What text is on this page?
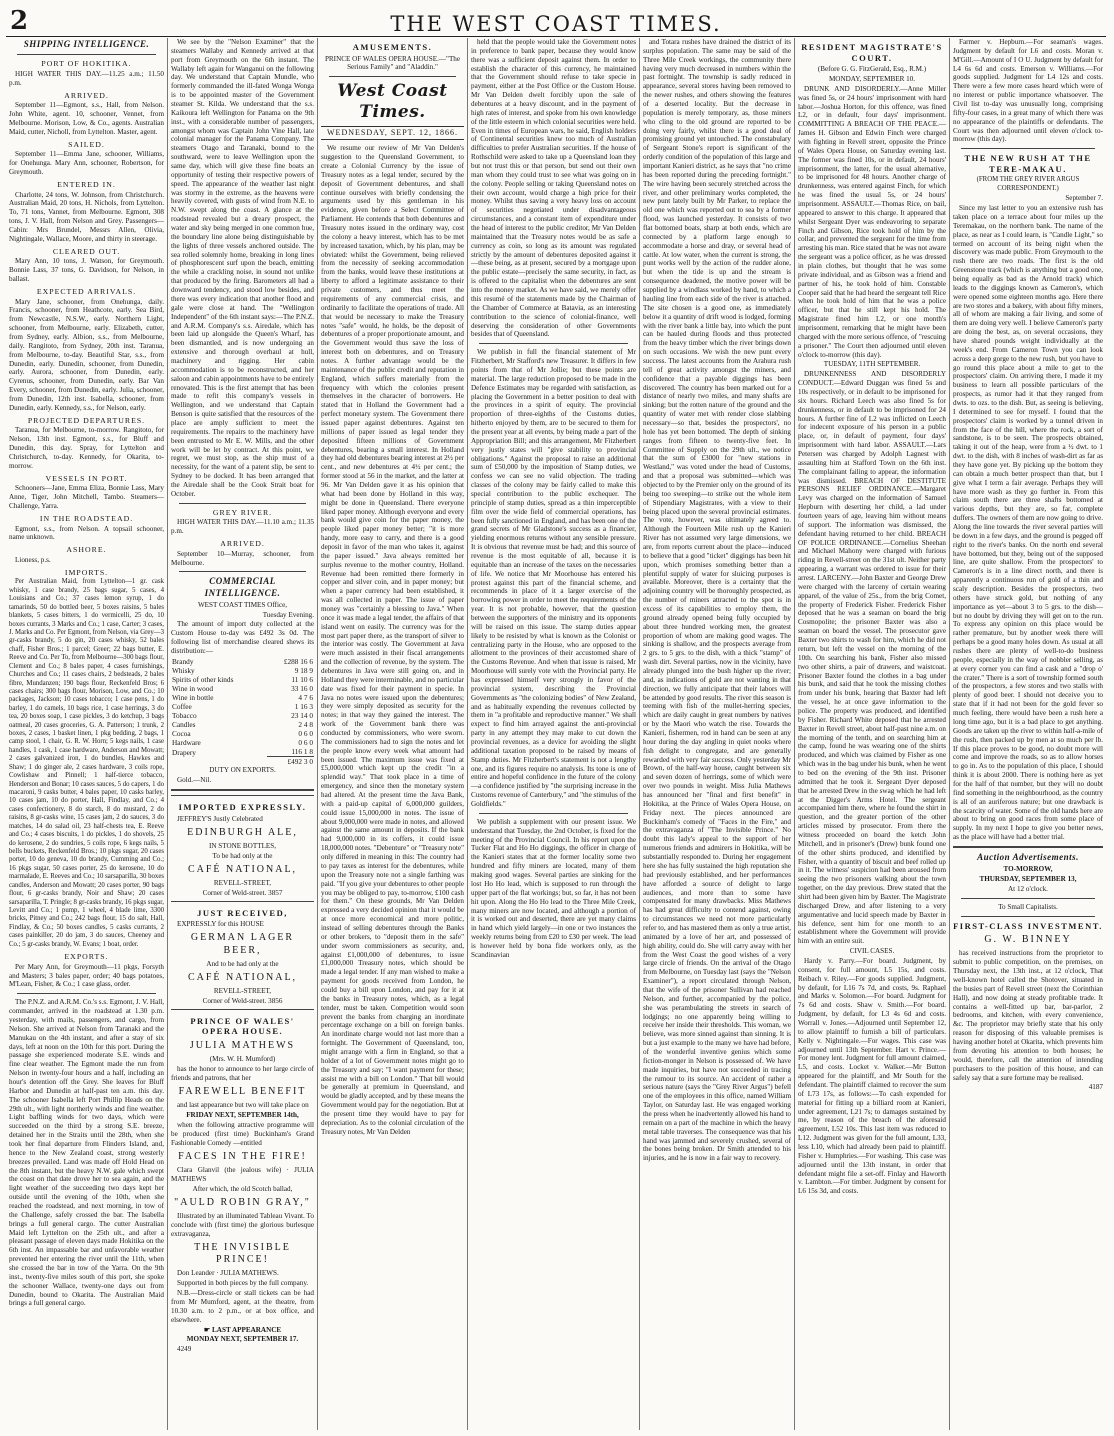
2	THE WEST COAST TIMES.
SHIPPING INTELLIGENCE.
PORT OF HOKITIKA.

HIGH WATER THIS DAY.—11.25 a.m.; 11.50 p.m.

ARRIVED.

September 11—Egmont, s.s., Hall, from Nelson. John White, agent. 10, schooner, Vennet, from Melbourne. Morison, Low, & Co., agents. Australian Maid, cutter, Nicholl, from Lyttelton. Master, agent.

SAILED.

September 11—Emma Jane, schooner, Williams, for Onehunga. Mary Ann, schooner, Robertson, for Greymouth.

ENTERED IN.

Charlotte, 24 tons, W. Johnson, from Christchurch. Australian Maid, 20 tons, H. Nichols, from Lyttelton. To, 71 tons, Vannet, from Melbourne. Egmont, 308 tons, J. V. Hall, from Nelson and Grey. Passengers—Cabin: Mrs Brundel, Messrs Allen, Olivia, Nightingale, Wallace, Moore, and thirty in steerage.

CLEARED OUT.

Mary Ann, 10 tons, J. Watson, for Greymouth. Bonnie Lass, 37 tons, G. Davidson, for Nelson, in ballast.

EXPECTED ARRIVALS.

Mary Jane, schooner, from Onehunga, daily. Francis, schooner, from Heathcote, early. Sea Bird, from Newcastle, N.S.W., early. Northern Light, schooner, from Melbourne, early. Elizabeth, cutter, from Sydney, early. Albion, s.s., from Melbourne, daily. Rangitoto, from Sydney, 20th inst. Taranua, from Melbourne, to-day. Beautiful Star, s.s., from Dunedin, early. Dunedin, schooner, from Dunedin, early. Aurora, schooner, from Dunedin, early. Cyrenus, schooner, from Dunedin, early. Bar Van Every, schooner, from Dunedin, early. Julia, schooner, from Dunedin, 12th inst. Isabella, schooner, from Dunedin, early. Kennedy, s.s., for Nelson, early.

PROJECTED DEPARTURES.

Taranua, for Melbourne, to-morrow. Rangitoto, for Nelson, 13th inst. Egmont, s.s., for Bluff and Dunedin, this day. Spray, for Lyttelton and Christchurch, to-day. Kennedy, for Okarita, to-morrow.

VESSELS IN PORT.

Schooners—Jane, Emma Eliza, Bonnie Lass, Mary Anne, Tiger, John Mitchell, Tambo. Steamers—Challenge, Yarra.

IN THE ROADSTEAD.

Egmont, s.s., from Nelson. A topsail schooner, name unknown.

ASHORE.

Lioness, p.s.

IMPORTS.

Per Australian Maid, from Lyttelton—1 gr. cask whisky, 1 case brandy, 25 bags sugar, 5 cases, 4 Louisians and Co.; 37 cases lemon syrup, 1 do tamarinds, 50 do bottled beer, 5 boxes raisins, 5 bales blankets, 5 cases bitters, 1 do vermicelli, 25 do, 10 boxes currants, 3 Marks and Co.; 1 case, Carter; 3 cases, J. Marks and Co. Per Egmont, from Nelson, via Grey—3 gr-casks brandy, 5 do gin, 20 cases whisky, 52 bales chaff, Fisher Bros.; 1 parcel; Greer; 22 bags butter, E. Reeve and Co. Per To, from Melbourne—300 bags flour, Clement and Co.; 8 bales paper, 4 cases furnishings, Churches and Co.; 11 cases chairs, 2 bedsteads, 2 bales fibre, Mundanzen; 190 bags flour, Reckenfeld Bros; 6 cases chairs; 300 bags flour, Morison, Low, and Co.; 10 packages, Jackson; 10 cases tobacco; 1 case pens, 1 do barley, 1 do camels, 10 bags rice, 1 case herrings, 3 do tea, 20 boxes soap, 1 case pickles, 3 do ketchup, 3 bags oatmeal, 20 cases groceries, G. A. Patterson; 1 trunk, 2 boxes, 2 cases, 1 basket linen, 1 pkg bedding, 2 bags, 1 camp stool, 1 chair, G. R. W. Horn; 5 kegs nails, 1 case handles, 1 cask, 1 case hardware, Anderson and Mowatt; 2 cases galvanized iron, 1 do bundles, Hawkes and Shaw; 1 do ginger ale, 2 cases hardware, 3 coils rope, Cowlishaw and Pinnell; 1 half-tierce tobacco, Henderson and Bonar; 10 cases sauces, 5 do capers, 1 do macaroni, 9 casks butter, 4 bales paper, 10 casks barley, 10 cases jam, 10 do porter, Hall, Findlay, and Co.; 4 cases confectionery, 8 do starch, 8 do mustard, 2 do raisins, 8 gr-casks wine, 15 cases jam, 2 do sauces, 3 do matches, 14 do salad oil, 23 half-chests tea, E. Reeve and Co.; 4 cases biscuits, 1 do pickles, 1 do shovels, 25 do kerosene, 2 do sundries, 5 coils rope, 6 kegs nails, 5 bells buckets, Reckenfeld Bros.; 10 pkgs sugar, 20 cases porter, 10 do geneva, 10 do brandy, Cumming and Co.; 16 pkgs sugar, 50 cases porter, 25 do kerosene, 10 do marmalade, E. Reeves and Co.; 10 sarsaparilla, 30 boxes candles, Anderson and Mowatt; 20 cases porter, 90 bags flour, 6 gr-casks brandy, Noir and Shaw; 20 cases sarsaparilla, T. Pringle; 8 gr-casks brandy, 16 pkgs sugar, Levitt and Co.; 1 pump, 1 wheel, 4 blade lime, 3300 bricks, Pitney and Co.; 242 bags flour, 15 do salt, Hall, Findlay, & Co.; 50 boxes candles, 5 casks currants, 2 cases painkiller, 20 do jam, 3 do sauces, Cheeney and Co.; 5 gr-casks brandy, W. Evans; 1 boat, order.

EXPORTS.

Per Mary Ann, for Greymouth—11 pkgs, Forsyth and Masters; 3 bales paper, order; 40 bags potatoes, M'Lean, Fisher, & Co.; 1 case glass, order.

The P.N.Z. and A.R.M. Co.'s s.s. Egmont, J. V. Hall, commander, arrived in the roadstead at 1.30 p.m. yesterday, with mails, passengers, and cargo, from Nelson. She arrived at Nelson from Taranaki and the Manukau on the 4th instant, and after a stay of six days, left at noon on the 10th for this port. During the passage she experienced moderate S.E. winds and fine clear weather. The Egmont made the run from Nelson in twenty-four hours and a half, including an hour's detention off the Grey. She leaves for Bluff Harbor and Dunedin at half-past ten a.m. this day. The schooner Isabella left Port Phillip Heads on the 29th ult., with light northerly winds and fine weather. Light baffling winds for two days, which were succeeded on the third by a strong S.E. breeze, detained her in the Straits until the 28th, when she took her final departure from Flinders Island, and, hence to the New Zealand coast, strong westerly breezes prevailed. Land was made off Hold Head on the 8th instant, but the heavy N.W. gale which swept the coast on that date drove her to sea again, and the light weather of the succeeding two days kept her outside until the evening of the 10th, when she reached the roadstead, and next morning, in tow of the Challenge, safely crossed the bar. The Isabella brings a full general cargo. The cutter Australian Maid left Lyttelton on the 25th ult., and after a pleasant passage of eleven days made Hokitika on the 6th inst. An impassable bar and unfavorable weather prevented her entering the river until the 11th, when she crossed the bar in tow of the Yarra. On the 9th inst., twenty-five miles south of this port, she spoke the schooner Wallace, twenty-one days out from Dunedin, bound to Okarita. The Australian Maid brings a full general cargo.

We see by the "Nelson Examiner" that the steamers Wallaby and Kennedy arrived at that port from Greymouth on the 6th instant. The Wallaby left again for Wanganui on the following day. We understand that Captain Mundle, who formerly commanded the ill-fated Wonga Wonga is to be appointed master of the Government steamer St. Kilda. We understand that the s.s. Kaikoura left Wellington for Panama on the 9th inst., with a considerable number of passengers, amongst whom was Captain John Vine Hall, late colonial manager for the Panama Company. The steamers Otago and Taranaki, bound to the southward, were to leave Wellington upon the same day, which will give these fine boats an opportunity of testing their respective powers of speed. The appearance of the weather last night was stormy in the extreme, as the heavens were heavily covered, with gusts of wind from N.E. to N.W. swept along the coast. A glance at the roadstead revealed but a dreary prospect, the water and sky being merged in one common hue, the boundary line alone being distinguishable by the lights of three vessels anchored outside. The sea rolled solemnly home, breaking in long lines of phosphorescent surf upon the beach, emitting the while a crackling noise, in sound not unlike that produced by the firing. Barometers all had a downward tendency, and stood low besides, and there was every indication that another flood and gale were close at hand. The "Wellington Independent" of the 6th instant says:—The P.N.Z. and A.R.M. Company's s.s. Airedale, which has been laid up alongside the Queen's Wharf, has been dismantled, and is now undergoing an extensive and thorough overhaul at hull, machinery and rigging. Her cabin accommodation is to be reconstructed, and her saloon and cabin appointments have to be entirely renovated. This is the first attempt that has been made to refit this company's vessels in Wellington, and we understand that Captain Benson is quite satisfied that the resources of the place are amply sufficient to meet the requirements. The repairs to the machinery have been entrusted to Mr E. W. Mills, and the other work will be let by contract. At this point, we regret, we must stop, as the ship must of a necessity, for the want of a patent slip, be sent to Sydney to be docked. It has been arranged that the Airedale shall be the Cook Strait boat for October.

GREY RIVER.

HIGH WATER THIS DAY.—11.10 a.m.; 11.35 p.m.

ARRIVED.

September 10—Murray, schooner, from Melbourne.

COMMERCIAL INTELLIGENCE.

WEST COAST TIMES Office,

Tuesday Evening.

The amount of import duty collected at the Custom House to-day was £492 3s 0d. The following list of merchandise cleared shews its distribution:—

Brandy	£288 16 6
Whisky	9 18 9
Spirits of other kinds	11 10 6
Wine in wood	33 16 0
Wine in bottle	4 7 6
Coffee	1 16 3
Tobacco	23 14 0
Candles	2 4 8
Cocoa	0 6 0
Hardware	0 6 0
Drapery	116 1 8
	£492 3 0

DUTY ON EXPORTS.

Gold.—Nil.

IMPORTED EXPRESSLY.

JEFFREY'S Justly Celebrated

EDINBURGH ALE,

IN STONE BOTTLES,

To be had only at the

CAFÉ NATIONAL,

REVELL-STREET,

Corner of Weld-street. 3857

JUST RECEIVED,

EXPRESSLY for this HOUSE

GERMAN LAGER BEER,

And to be had only at the

CAFÉ NATIONAL,

REVELL-STREET,

Corner of Weld-street. 3856

PRINCE OF WALES' OPERA HOUSE.
JULIA MATHEWS

(Mrs. W. H. Mumford)

has the honor to announce to her large circle of friends and patrons, that her

FAREWELL BENEFIT

and last appearance but two will take place on

FRIDAY NEXT, SEPTEMBER 14th,

when the following attractive programme will be produced (first time) Buckinham's Grand Fashionable Comedy —entitled

FACES IN THE FIRE!

Clara Glanvil (the jealous wife) · JULIA MATHEWS

After which, the old Scotch ballad,

"AULD ROBIN GRAY,"

Illustrated by an illuminated Tableau Vivant. To conclude with (first time) the glorious burlesque extravaganza,

THE INVISIBLE PRINCE!

Don Leander · JULIA MATHEWS.

Supported in both pieces by the full company.

N.B.—Dress-circle or stall tickets can be had from Mr Mumford, agent, at the theatre, from 10.30 a.m. to 2 p.m., or at box office, and elsewhere.

☛ LAST APPEARANCE

MONDAY NEXT, SEPTEMBER 17.

4249

AMUSEMENTS.

PRINCE OF WALES OPERA HOUSE.—"The Serious Family" and "Aladdin."

West Coast Times.
WEDNESDAY, SEPT. 12, 1866.

We resume our review of Mr Van Delden's suggestion to the Queensland Government, to create a Colonial Currency by the issue of Treasury notes as a legal tender, secured by the deposit of Government debentures, and shall continue ourselves with briefly condensing the arguments used by this gentleman in his evidence, given before a Select Committee of Parliament. He contends that both debentures and Treasury notes issued in the ordinary way, cost the colony a heavy interest, which has to be met by increased taxation, which, by his plan, may be obviated: whilst the Government, being relieved from the necessity of seeking accommodation from the banks, would leave these institutions at liberty to afford a legitimate assistance to their private customers, and thus meet the requirements of any commercial crisis, and ordinarily to facilitate the operations of trade. All that would be necessary to make the Treasury notes "safe" would, he holds, be the deposit of debentures of a proper proportionate amount, and the Government would thus save the loss of interest both on debentures, and on Treasury notes. A further advantage would be the maintenance of the public credit and reputation in England, which suffers materially from the frequency with which the colonies present themselves in the character of borrowers. He stated that in Holland the Government had a perfect monetary system. The Government there issued paper against debentures. Against ten millions of paper issued as legal tender they deposited fifteen millions of Government debentures, bearing a small interest. In Holland they had old debentures bearing interest at 2½ per cent., and new debentures at 4½ per cent.; the former stood at 56 in the market, and the latter at 96. Mr Van Delden gave it as his opinion that what had been done by Holland in this way, might be done in Queensland. There everyone liked paper money. Although everyone and every bank would give coin for the paper money, the people liked paper money better; "it is more handy, more easy to carry, and there is a good deposit in favor of the man who takes it, against the paper issued." Java always remitted her surplus revenue to the mother country, Holland. Revenue had been remitted there formerly in copper and silver coin, and in paper money; but when a paper currency had been established, it was all collected in paper. The issue of paper money was "certainly a blessing to Java." When once it was made a legal tender, the affairs of that island went on easily. The currency was for the most part paper there, as the transport of silver to the interior was costly. The Government at Java were much assisted in their fiscal arrangements and the collection of revenue, by the system. The debentures in Java were still going on, and in Holland they were interminable, and no particular date was fixed for their payment in specie. In Java no notes were issued upon the debentures; they were simply deposited as security for the notes; in that way they gained the interest. The work of the Government bank there was conducted by commissioners, who were sworn. The commissioners had to sign the notes and let the people know every week what amount had been issued. The maximum issue was fixed at £5,000,000 which kept up the credit "in a splendid way." That took place in a time of emergency, and since then the monetary system had altered. At the present time the Java Bank, with a paid-up capital of 6,000,000 guilders, could issue 15,000,000 in notes. The issue of about 9,000,000 were made in notes, and allowed against the same amount in deposits. If the bank had 9,000,000 in its coffers, it could issue 18,000,000 notes. "Debenture" or "Treasury note" only differed in meaning in this: The country had to pay taxes as interest for the debentures, while upon the Treasury note not a single farthing was paid. "If you give your debentures to other people you may be obliged to pay, to-morrow, £100 cash for them." On these grounds, Mr Van Delden expressed a very decided opinion that it would be at once more economical and more politic, instead of selling debentures through the Banks or other brokers, to "deposit them in the safe" under sworn commissioners as security, and, against £1,000,000 of debentures, to issue £1,000,000 Treasury notes, which should be made a legal tender. If any man wished to make a payment for goods received from London, he could buy a bill upon London, and pay for it at the banks in Treasury notes, which, as a legal tender, must be taken. Competition would soon prevent the banks from charging an inordinate percentage exchange on a bill on foreign banks. An inordinate charge would not last more than a fortnight. The Government of Queensland, too, might arrange with a firm in England, so that a holder of a lot of Government notes might go to the Treasury and say; "I want payment for these; assist me with a bill on London." That bill would be generally at premium in Queensland, and would be gladly accepted, and by these means the Government would pay for the negotiation. But at the present time they would have to pay for depreciation. As to the colonial circulation of the Treasury notes, Mr Van Delden

held that the people would take the Government notes in preference to bank paper, because they would know there was a sufficient deposit against them. In order to establish the character of this currency, he maintained that the Government should refuse to take specie in payment, either at the Post Office or the Custom House. Mr Van Delden dwelt forcibly upon the sale of debentures at a heavy discount, and in the payment of high rates of interest, and spoke from his own knowledge of the little esteem in which colonial securities were held. Even in times of European wars, he said, English holders of Continental securities knew too much of Australian difficulties to prefer Australian securities. If the house of Rothschild were asked to take up a Queensland loan they but not trust this or that person, but send out their own man whom they could trust to see what was going on in the colony. People selling or taking Queensland notes on their own account, would charge a high price for their money. Whilst thus saving a very heavy loss on account of securities negotiated under disadvantageous circumstances, and a constant item of expenditure under the head of interest to the public creditor, Mr Van Delden maintained that the Treasury notes would be as safe a currency as coin, so long as its amount was regulated strictly by the amount of debentures deposited against it—these being, as at present, secured by a mortgage upon the public estate—precisely the same security, in fact, as is offered to the capitalist when the debentures are sent into the money market. As we have said, we merely offer this resumé of the statements made by the Chairman of the Chamber of Commerce at Batavia, as an interesting contribution to the science of colonial-finance, well deserving the consideration of other Governments besides that of Queensland.

We publish in full the financial statement of Mr Fitzherbert, Mr Stafford's new Treasurer. It differs in few points from that of Mr Jollie; but these points are material. The large reduction proposed to be made in the Defence Estimates may be regarded with satisfaction, as placing the Government in a better position to deal with the provinces in a spirit of equity. The provincial proportion of three-eighths of the Customs duties, hitherto enjoyed by them, are to be secured to them for the present year at all events, by being made a part of the Appropriation Bill; and this arrangement, Mr Fitzherbert very justly states will "give stability to provincial obligations." Against the proposal to raise an additional sum of £50,000 by the imposition of Stamp duties, we confess we can see no valid objection. The trading classes of the colony may be fairly called to make this special contribution to the public exchequer. The principle of stamp duties, spread as a thin imperceptible film over the wide field of commercial operations, has been fully sanctioned in England, and has been one of the grand secrets of Mr Gladstone's success as a financier, yielding enormous returns without any sensible pressure. It is obvious that revenue must be had; and this source of revenue is the most equitable of all, because it is equitable than an increase of the taxes on the necessaries of life. We notice that Mr Moorhouse has entered his protest against this part of the financial scheme, and recommends in place of it a larger exercise of the borrowing power in order to meet the requirements of the year. It is not probable, however, that the question between the supporters of the ministry and its opponents will be raised on this issue. The stamp duties appear likely to be resisted by what is known as the Colonist or centralizing party in the House, who are opposed to the allotment to the provinces of their accustomed share of the Customs Revenue. And when that issue is raised, Mr Moorhouse will surely vote with the Provincial party. He has expressed himself very strongly in favor of the provincial system, describing the Provincial Governments as "the colonizing bodies" of New Zealand, and as habitually expending the revenues collected by them in "a profitable and reproductive manner." We shall expect to find him arrayed against the anti-provincial party in any attempt they may make to cut down the provincial revenues, as a device for avoiding the slight additional taxation proposed to be raised by means of Stamp duties. Mr Fitzherbert's statement is not a lengthy one, and its figures require no analysis. Its tone is one of entire and hopeful confidence in the future of the colony—a confidence justified by "the surprising increase in the Customs revenue of Canterbury," and "the stimulus of the Goldfields."

We publish a supplement with our present issue. We understand that Tuesday, the 2nd October, is fixed for the meeting of the Provincial Council. In his report upon the Tucker Flat and Ho Ho diggings, the officer in charge of the Kanieri states that at the former locality some two hundred and fifty miners are located, many of them making good wages. Several parties are sinking for the lost Ho Ho lead, which is supposed to run through the upper part of the flat workings; but, so far, it has not been hit upon. Along the Ho Ho lead to the Three Mile Creek, many miners are now located, and although a portion of it is worked out and deserted, there are yet many claims in hand which yield largely—in one or two instances the weekly returns being from £20 to £30 per week. The lead is however held by bona fide workers only, as the Scandinavian

and Totara rushes have drained the district of its surplus population. The same may be said of the Three Mile Creek workings, the community there having very much decreased in numbers within the past fortnight. The township is sadly reduced in appearance, several stores having been removed to the newer rushes, and others showing the features of a deserted locality. But the decrease in population is merely temporary, as, those miners who cling to the old ground are reported to be doing very fairly, whilst there is a good deal of promising ground yet untouched. The constabulary of Sergeant Stone's report is significant of the orderly condition of the population of this large and important Kanieri district, as he says that "no crime has been reported during the preceding fortnight." The wire having been securely stretched across the river, and other preliminary works completed, the new punt lately built by Mr Parker, to replace the old one which was reported out to sea by a former flood, was launched yesterday. It consists of two flat bottomed boats, sharp at both ends, which are connected by a platform large enough to accommodate a horse and dray, or several head of cattle. At low water, when the current is strong, the punt works well by the action of the rudder alone, but when the tide is up and the stream is consequence deadened, the motive power will be supplied by a windlass worked by hand, to which a hauling line from each side of the river is attached. The site chosen is a good one, as immediately below it a quantity of drift wood is lodged, forming with the river bank a little bay, into which the punt can be hauled during floods and thus protected from the heavy timber which the river brings down on such occasions. We wish the new punt every success. The latest accounts from the Arahura rush tell of great activity amongst the miners, and confidence that a payable diggings has been discovered. The country has been marked out for a distance of nearly two miles, and many shafts are sinking; but the rotten nature of the ground and the quantity of water met with render close slabbing necessary—so that, besides the prospectors', no hole has yet been bottomed. The depth of sinking ranges from fifteen to twenty-five feet. In Committee of Supply on the 29th ult., we notice that the sum of £3000 for "new stations in Westland," was voted under the head of Customs, and that a proposal was submitted—which was objected to by the Premier only on the ground of its being too sweeping—to strike out the whole item of Stipendiary Magistrates, with a view to their being placed upon the several provincial estimates. The vote, however, was ultimately agreed to. Although the Fourteen Mile rush up the Kanieri River has not assumed very large dimensions, we are, from reports current about the place—induced to believe that a good "ticket" diggings has been hit upon, which promises something better than a plentiful supply of water for sluicing purposes is available. Moreover, there is a certainty that the adjoining country will be thoroughly prospected, as the number of miners attracted to the spot is in excess of its capabilities to employ them, the ground already opened being fully occupied by about three hundred working men, the greatest proportion of whom are making good wages. The sinking is shallow, and the prospects average from 2 grs. to 5 grs. to the dish, with a thick "stamp" of wash dirt. Several parties, now in the vicinity, have already plunged into the bush higher up the river; and, as indications of gold are not wanting in that direction, we fully anticipate that their labors will be attended by good results. The river this season is teeming with fish of the mullet-herring species, which are daily caught in great numbers by natives or by the Maori who watch the rise. Towards the Kanieri, fishermen, rod in hand can be seen at any hour during the day angling in quiet nooks where fish delight to congregate, and are generally rewarded with very fair success. Only yesterday Mr Brown, of the half-way house, caught between six and seven dozen of herrings, some of which were over two pounds in weight. Miss Julia Mathews has announced her "final and first benefit" in Hokitika, at the Prince of Wales Opera House, on Friday next. The pieces announced are Buckinham's comedy of "Faces in the Fire," and the extravaganza of "The Invisible Prince." No doubt this lady's appeal to the support of her numerous friends and admirers in Hokitika, will be substantially responded to. During her engagement here she has fully sustained the high reputation she had previously established, and her performances have afforded a source of delight to large audiences, and more than to some have compensated for many drawbacks. Miss Mathews has had great difficulty to contend against, owing to circumstances we need not more particularly refer to, and has mastered them as only a true artist, animated by a love of her art, and possessed of high ability, could do. She will carry away with her from the West Coast the good wishes of a very large circle of friends. On the arrival of the Otago from Melbourne, on Tuesday last (says the "Nelson Examiner"), a report circulated through Nelson, that the wife of the prisoner Sullivan had reached Nelson, and further, accompanied by the police, she was perambulating the streets in search of lodgings; no one apparently being willing to receive her inside their thresholds. This woman, we believe, was more sinned against than sinning. It is but a just example to the many we have had before, of the wonderful inventive genius which some fiction-monger in Nelson is possessed of. We have made inquiries, but have not succeeded in tracing the rumour to its source. An accident of rather a serious nature (says the "Grey River Argus") befell one of the employees in this office, named William Taylor, on Saturday last. He was engaged working the press when he inadvertently allowed his hand to remain on a part of the machine in which the heavy metal table traverses. The consequence was that his hand was jammed and severely crushed, several of the bones being broken. Dr Smith attended to his injuries, and he is now in a fair way to recovery.

RESIDENT MAGISTRATE'S COURT.

(Before G. G. FitzGerald, Esq., R.M.)

MONDAY, SEPTEMBER 10.

DRUNK AND DISORDERLY.—Anne Miller was fined 5s, or 24 hours' imprisonment with hard labor.—Joshua Horton, for this offence, was fined L2, or in default, four days' imprisonment. COMMITTING A BREACH OF THE PEACE.—James H. Gibson and Edwin Finch were charged with fighting in Revell street, opposite the Prince of Wales Opera House, on Saturday evening last. The former was fined 10s, or in default, 24 hours' imprisonment, the latter, for the usual alternative, to be imprisoned for 48 hours. Another charge of drunkenness, was entered against Finch, for which he was fined the usual 5s, or 24 hours' imprisonment. ASSAULT.—Thomas Rice, on bail, appeared to answer to this charge. It appeared that whilst Sergeant Dyer was endeavoring to separate Finch and Gibson, Rice took hold of him by the collar, and prevented the sergeant for the time from arresting his man. Rice stated that he was not aware the sergeant was a police officer, as he was dressed in plain clothes, but thought that he was some private individual, and as Gibson was a friend and partner of his, he took hold of him. Constable Cooper said that he had heard the sergeant tell Rice when he took hold of him that he was a police officer, but that he still kept his hold. The Magistrate fined him L2, or one month's imprisonment, remarking that he might have been charged with the more serious offence, of "rescuing a prisoner." The Court then adjourned until eleven o'clock to-morrow (this day).

TUESDAY, 11TH SEPTEMBER.

DRUNKENNESS AND DISORDERLY CONDUCT.—Edward Duggan was fined 5s and 10s respectively, or in default to be imprisoned for six hours. Richard Leech was also fined 5s for drunkenness, or in default to be imprisoned for 24 hours. A further fine of L2 was inflicted on Leech for indecent exposure of his person in a public place, or, in default of payment, four days' imprisonment with hard labor. ASSAULT.—Lars Petersen was charged by Adolph Lagnest with assaulting him at Stafford Town on the 6th inst. The complainant failing to appear, the information was dismissed. BREACH OF DESTITUTE PERSONS RELIEF ORDINANCE.—Margaret Levy was charged on the information of Samuel Hepburn with deserting her child, a lad under fourteen years of age, leaving him without means of support. The information was dismissed, the defendant having returned to her child. BREACH OF POLICE ORDINANCE.—Cornelius Sheehan and Michael Mahony were charged with furious riding in Revell-street on the 31st ult. Neither party appearing, a warrant was ordered to issue for their arrest. LARCENY.—John Baxter and George Drew were charged with the larceny of certain wearing apparel, of the value of 25s., from the brig Comet, the property of Frederick Fisher. Frederick Fisher deposed that he was a seaman on board the brig Cosmopolite; the prisoner Baxter was also a seaman on board the vessel. The prosecutor gave Baxter two shirts to wash for him, which he did not return, but left the vessel on the morning of the 10th. On searching his bank, Fisher also missed two other shirts, a pair of drawers, and waistcoat. Prisoner Baxter found the clothes in a bag under his bunk, and said that he took the missing clothes from under his bunk, hearing that Baxter had left the vessel, he at once gave information to the police. The property was produced, and identified by Fisher. Richard White deposed that he arrested Baxter in Revell street, about half-past nine a.m. on the morning of the tenth, and on searching him at the camp, found he was wearing one of the shirts produced, and which was claimed by Fisher as one which was in the bag under his bunk, when he went to bed on the evening of the 9th inst. Prisoner admitted that he took it. Sergeant Dyer deposed that he arrested Drew in the swag which he had left at the Digger's Arms Hotel. The sergeant accompanied him there, where he found the shirt in question, and the greater portion of the other articles missed by prosecutor. From there the witness proceeded on board the ketch John Mitchell, and in prisoner's (Drew) bunk found one of the other shirts produced, and identified by Fisher, with a quantity of biscuit and beef rolled up in it. The witness' suspicion had been aroused from seeing the two prisoners walking about the town together, on the day previous. Drew stated that the shirt had been given him by Baxter. The Magistrate discharged Drew, and after listening to a very argumentative and lucid speech made by Baxter in his defence, sent him for one month to an establishment where the Government will provide him with an entire suit.

CIVIL CASES.

Hardy v. Parry.—For board. Judgment, by consent, for full amount, L5 15s, and costs. Reibach v. Riley.—For goods supplied. Judgment, by default, for L16 7s 7d, and costs, 9s. Raphael and Marks v. Solomon.—For board. Judgment for 7s 6d and costs. Shaw v. Smith.—For board. Judgment, by default, for L3 4s 6d and costs. Worrall v. Jones.—Adjourned until September 12, to allow plaintiff to furnish a bill of particulars. Kelly v. Nightingale.—For wages. This case was adjourned until 13th September. Hart v. Prince.—For money lent. Judgment for full amount claimed, L5, and costs. Locket v. Walker.—Mr Button appeared for the plaintiff, and Mr South for the defendant. The plaintiff claimed to recover the sum of L73 17s, as follows:—To cash expended for material for fitting up a billiard room at Kanieri, under agreement, L21 7s; to damages sustained by me, by reason of the breach of the aforesaid agreement, L52 10s. This last item was reduced to L12. Judgment was given for the full amount, L33, less L10, which had already been paid to plaintiff. Fisher v. Humphries.—For washing. This case was adjourned until the 13th instant, in order that defendant might file a set-off. Finlay and Haworth v. Lambton.—For timber. Judgment by consent for L6 15s 3d, and costs.

Farmer v. Hepburn.—For seaman's wages. Judgment by default for L6 and costs. Moran v. M'Gill.—Amount of I O U. Judgment by default for L4 6s 6d and costs. Emerson v. Williams.—For goods supplied. Judgment for L4 12s and costs. There were a few more cases heard which were of no interest or public importance whatsoever. The Civil list to-day was unusually long, comprising fifty-four cases, in a great many of which there was no appearance of the plaintiffs or defendants. The Court was then adjourned until eleven o'clock to-morrow (this day).

THE NEW RUSH AT THE TERE-MAKAU.

(FROM THE GREY RIVER ARGUS CORRESPONDENT.)

September 7.

Since my last letter to you an extensive rush has taken place on a terrace about four miles up the Teremakau, on the northern bank. The name of the place, as near as I could learn, is "Candle Light," so termed on account of its being night when the discovery was made public. From Greymouth to the rush there are two roads. The first is the old Greenstone track (which is anything but a good one, being equally as bad as the Arnold track) which leads to the diggings known as Cameron's, which were opened some eighteen months ago. Here there are two stores and a bakery, with about fifty miners, all of whom are making a fair living, and some of them are doing very well. I believe Cameron's party are doing the best, as, on several occasions, they have shared pounds weight individually at the week's end. From Cameron Town you can look across a deep gorge to the new rush, but you have to go round this place about a mile to get to the prospectors' claim. On arriving there, I made it my business to learn all possible particulars of the prospects, as rumor had it that they ranged from dwts. to ozs. to the dish. But, as seeing is believing, I determined to see for myself. I found that the prospectors' claim is worked by a tunnel driven in from the face of the hill, where the rock, a sort of sandstone, is to be seen. The prospects obtained, taking it out of the heap, were from a ½ dwt. to 1 dwt. to the dish, with 8 inches of wash-dirt as far as they have gone yet. By picking up the bottom they can obtain a much better prospect than that, but I give what I term a fair average. Perhaps they will have more wash as they go further in. From this claim south there are three shafts bottomed at various depths, but they are, so far, complete duffers. The owners of them are now going to drive. Along the line towards the river several parties will be down in a few days, and the ground is pegged off right to the river's banks. On the north end several have bottomed, but they, being out of the supposed line, are quite shallow. From the prospectors' to Cameron's is in a line direct north, and there is apparently a continuous run of gold of a thin and scaly description. Besides the prospectors, two others have struck gold, but nothing of any importance as yet—about 3 to 5 grs. to the dish—but no doubt by driving they will get on to the run. To express any opinion on this place would be rather premature, but by another week there will perhaps be a good many holes down. As usual at all rushes there are plenty of well-to-do business people, especially in the way of nobbler selling, as at every corner you can find a cask and a "drop o' the crater." There is a sort of township formed south of the prospectors, a few stores and two stalls with plenty of good beer. I should not deceive you to state that if it had not been for the gold fever so much feeling, there would have been a rush here a long time ago, but it is a bad place to get anything. Goods are taken up the river to within half-a-mile of the rush, then packed up by men at so much per lb. If this place proves to be good, no doubt more will come and improve the roads, so as to allow horses to go in. As to the population of this place, I should think it is about 2000. There is nothing here as yet for the half of that number, but they will no doubt find something in the neighbourhood, as the country is all of an auriferous nature; but one drawback is the scarcity of water. Some of the old hands here are about to bring on good races from some place of supply. In my next I hope to give you better news, as the place will have had a better trial.

Auction Advertisements.

TO-MORROW,

THURSDAY, SEPTEMBER 13,

At 12 o'clock.

To Small Capitalists.

FIRST-CLASS INVESTMENT.
G. W. BINNEY

has received instructions from the proprietor to submit to public competition, on the premises, on Thursday next, the 13th inst., at 12 o'clock, That well-known hotel called the Shotover, situated in the busies part of Revell street (next the Corinthian Hall), and now doing at steady profitable trade. It contains a well-fitted up bar, bar-parlor, 2 bedrooms, and kitchen, with every convenience, &c. The proprietor may briefly state that his only reason for disposing of this valuable premises is having another hotel at Okarita, which prevents him from devoting his attention to both houses; he would, therefore, call the attention of intending purchasers to the position of this house, and can safely say that a sure fortune may be realised.

4187
